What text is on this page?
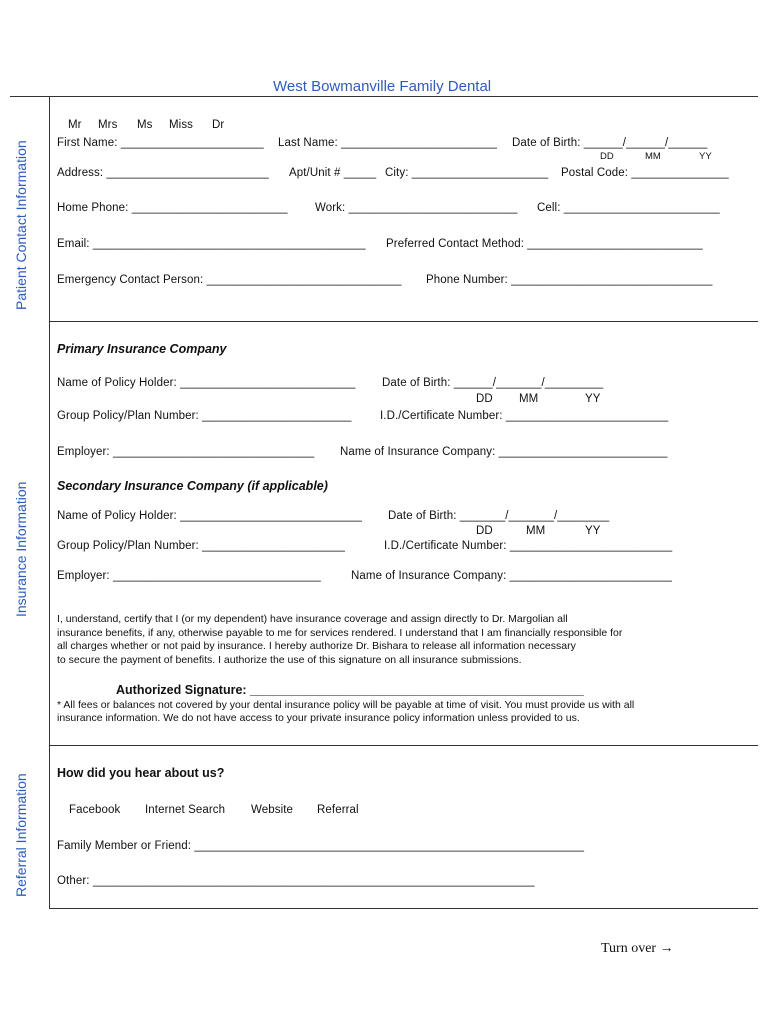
West Bowmanville Family Dental
Patient Contact Information
Insurance Information
Referral Information
Mr Mrs Ms Miss Dr
First Name: ______________________ Last Name: ________________________ Date of Birth: ______/______/______
DD	MM	YY
Address: _________________________ Apt/Unit # _____ City: _____________________ Postal Code: _______________
Home Phone: ________________________ Work: __________________________ Cell: ________________________
Email: __________________________________________ Preferred Contact Method: ___________________________
Emergency Contact Person: ______________________________ Phone Number: _______________________________
Primary Insurance Company
Name of Policy Holder: ___________________________ Date of Birth: ______/_______/_________
DD MM	YY
Group Policy/Plan Number: _______________________ I.D./Certificate Number: _________________________
Employer: _______________________________ Name of Insurance Company: __________________________
Secondary Insurance Company (if applicable)
Name of Policy Holder: ____________________________ Date of Birth: _______/_______/________
DD	MM	YY
Group Policy/Plan Number: ______________________	I.D./Certificate Number: _________________________
Employer: ________________________________	Name of Insurance Company: _________________________
I, understand, certify that I (or my dependent) have insurance coverage and assign directly to Dr. Margolian all
insurance benefits, if any, otherwise payable to me for services rendered. I understand that I am financially responsible for
all charges whether or not paid by insurance. I hereby authorize Dr. Bishara to release all information necessary
to secure the payment of benefits. I authorize the use of this signature on all insurance submissions.
Authorized Signature: ________________________________________________
* All fees or balances not covered by your dental insurance policy will be payable at time of visit. You must provide us with all
insurance information. We do not have access to your private insurance policy information unless provided to us.
How did you hear about us?
Facebook Internet Search Website Referral
Family Member or Friend: ____________________________________________________________
Other: ____________________________________________________________________
Turn over →
